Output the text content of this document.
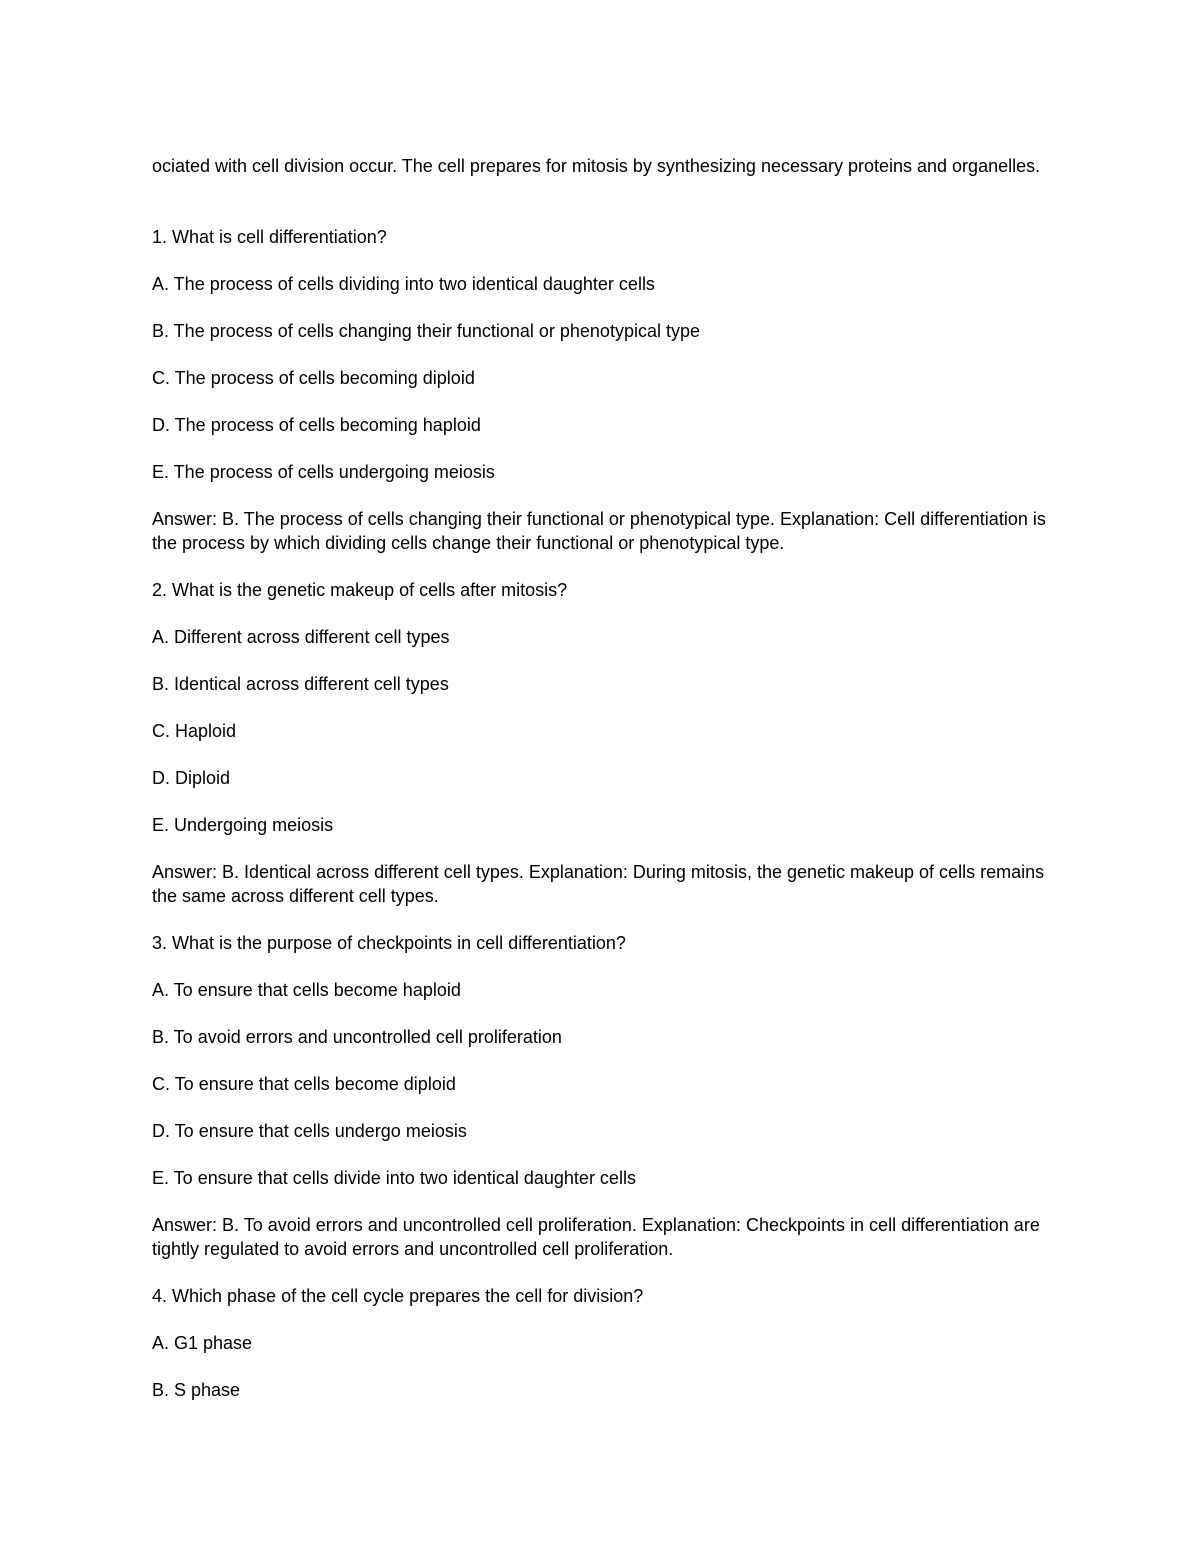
ociated with cell division occur. The cell prepares for mitosis by synthesizing necessary proteins and organelles.
1. What is cell differentiation?
A. The process of cells dividing into two identical daughter cells
B. The process of cells changing their functional or phenotypical type
C. The process of cells becoming diploid
D. The process of cells becoming haploid
E. The process of cells undergoing meiosis
Answer: B. The process of cells changing their functional or phenotypical type. Explanation: Cell differentiation is the process by which dividing cells change their functional or phenotypical type.
2. What is the genetic makeup of cells after mitosis?
A. Different across different cell types
B. Identical across different cell types
C. Haploid
D. Diploid
E. Undergoing meiosis
Answer: B. Identical across different cell types. Explanation: During mitosis, the genetic makeup of cells remains the same across different cell types.
3. What is the purpose of checkpoints in cell differentiation?
A. To ensure that cells become haploid
B. To avoid errors and uncontrolled cell proliferation
C. To ensure that cells become diploid
D. To ensure that cells undergo meiosis
E. To ensure that cells divide into two identical daughter cells
Answer: B. To avoid errors and uncontrolled cell proliferation. Explanation: Checkpoints in cell differentiation are tightly regulated to avoid errors and uncontrolled cell proliferation.
4. Which phase of the cell cycle prepares the cell for division?
A. G1 phase
B. S phase
